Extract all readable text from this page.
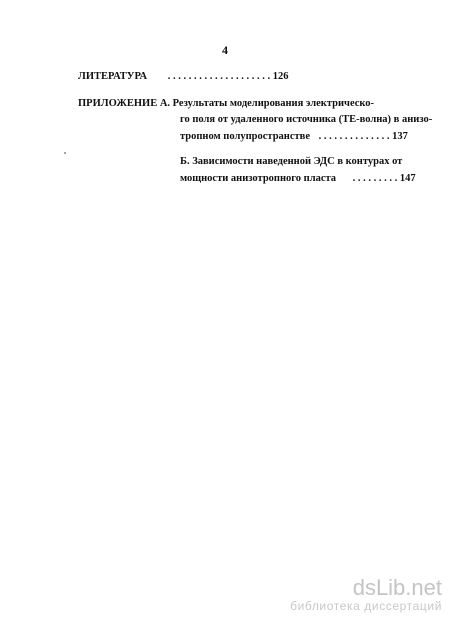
4
ЛИТЕРАТУРА . . . . . . . . . . . . . . . . . . . . 126
ПРИЛОЖЕНИЕ А. Результаты моделирования электрическо-
го поля от удаленного источника (ТЕ-волна) в анизо-
тропном полупространстве . . . . . . . . . . . . . . 137
Б. Зависимости наведенной ЭДС в контурах от
мощности анизотропного пласта . . . . . . . . . 147
dsLib.net
библиотека диссертаций
